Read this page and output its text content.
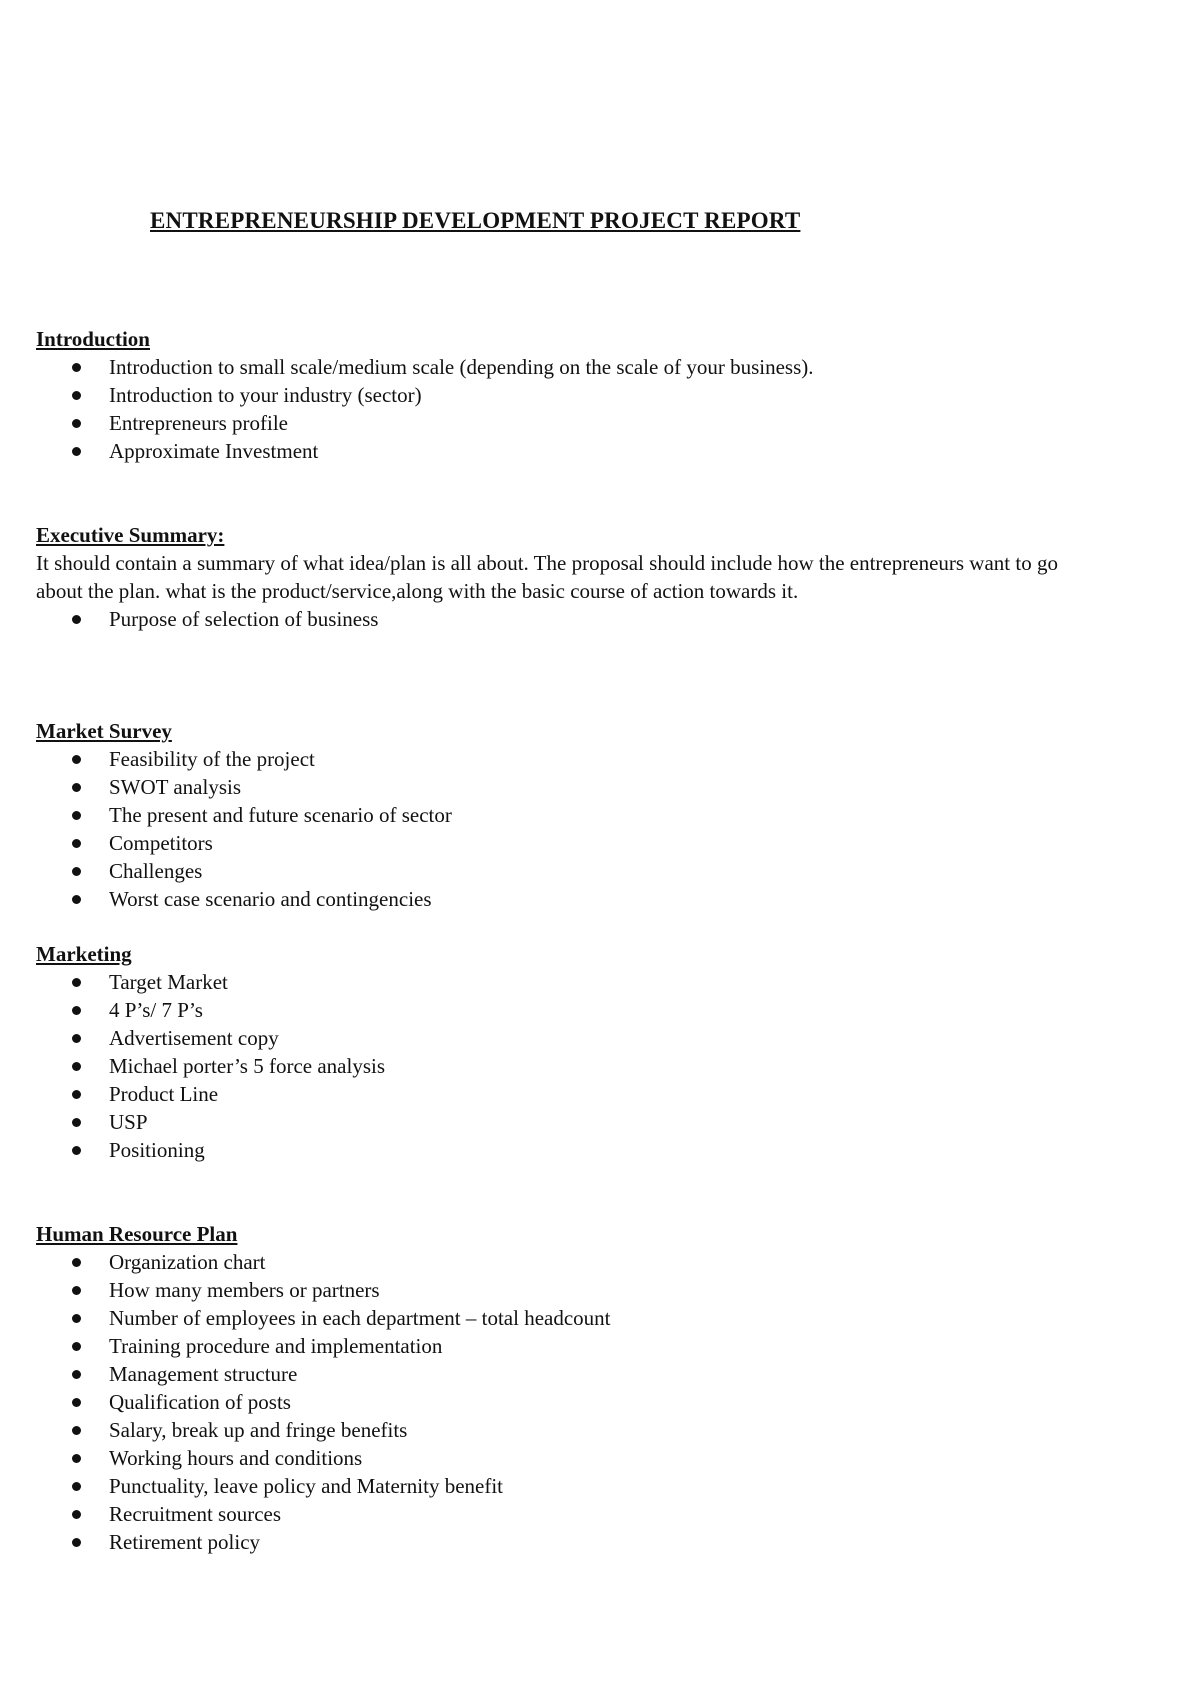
ENTREPRENEURSHIP DEVELOPMENT PROJECT REPORT
Introduction
Introduction to small scale/medium scale (depending on the scale of your business).
Introduction to your industry (sector)
Entrepreneurs profile
Approximate Investment
Executive Summary:

It should contain a summary of what idea/plan is all about. The proposal should include how the entrepreneurs want to go about the plan. what is the product/service,along with the basic course of action towards it.

Purpose of selection of business
Market Survey
Feasibility of the project
SWOT analysis
The present and future scenario of sector
Competitors
Challenges
Worst case scenario and contingencies
Marketing
Target Market
4 P’s/ 7 P’s
Advertisement copy
Michael porter’s 5 force analysis
Product Line
USP
Positioning
Human Resource Plan
Organization chart
How many members or partners
Number of employees in each department – total headcount
Training procedure and implementation
Management structure
Qualification of posts
Salary, break up and fringe benefits
Working hours and conditions
Punctuality, leave policy and Maternity benefit
Recruitment sources
Retirement policy
